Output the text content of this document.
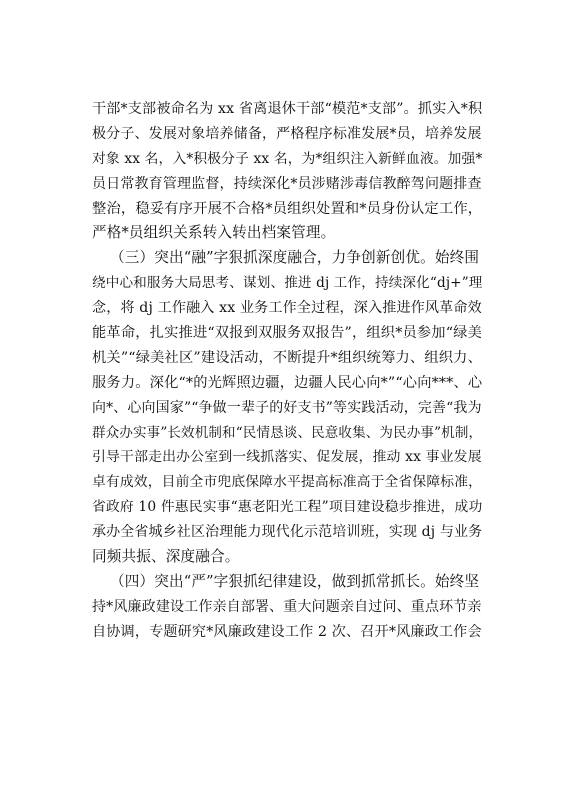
干部*支部被命名为 xx 省离退休干部“模范*支部”。抓实入*积
极分子、发展对象培养储备，严格程序标准发展*员，培养发展
对象 xx 名，入*积极分子 xx 名，为*组织注入新鲜血液。加强*
员日常教育管理监督，持续深化*员涉赌涉毒信教醉驾问题排查
整治，稳妥有序开展不合格*员组织处置和*员身份认定工作，
严格*员组织关系转入转出档案管理。
（三）突出“融”字狠抓深度融合，力争创新创优。始终围
绕中心和服务大局思考、谋划、推进 dj 工作，持续深化“dj+”理
念，将 dj 工作融入 xx 业务工作全过程，深入推进作风革命效
能革命，扎实推进“双报到双服务双报告”，组织*员参加“绿美
机关”“绿美社区”建设活动，不断提升*组织统筹力、组织力、
服务力。深化“*的光辉照边疆，边疆人民心向*”“心向***、心
向*、心向国家”“争做一辈子的好支书”等实践活动，完善“我为
群众办实事”长效机制和“民情恳谈、民意收集、为民办事”机制，
引导干部走出办公室到一线抓落实、促发展，推动 xx 事业发展
卓有成效，目前全市兜底保障水平提高标准高于全省保障标准，
省政府 10 件惠民实事“惠老阳光工程”项目建设稳步推进，成功
承办全省城乡社区治理能力现代化示范培训班，实现 dj 与业务
同频共振、深度融合。
（四）突出“严”字狠抓纪律建设，做到抓常抓长。始终坚
持*风廉政建设工作亲自部署、重大问题亲自过问、重点环节亲
自协调，专题研究*风廉政建设工作 2 次、召开*风廉政工作会
